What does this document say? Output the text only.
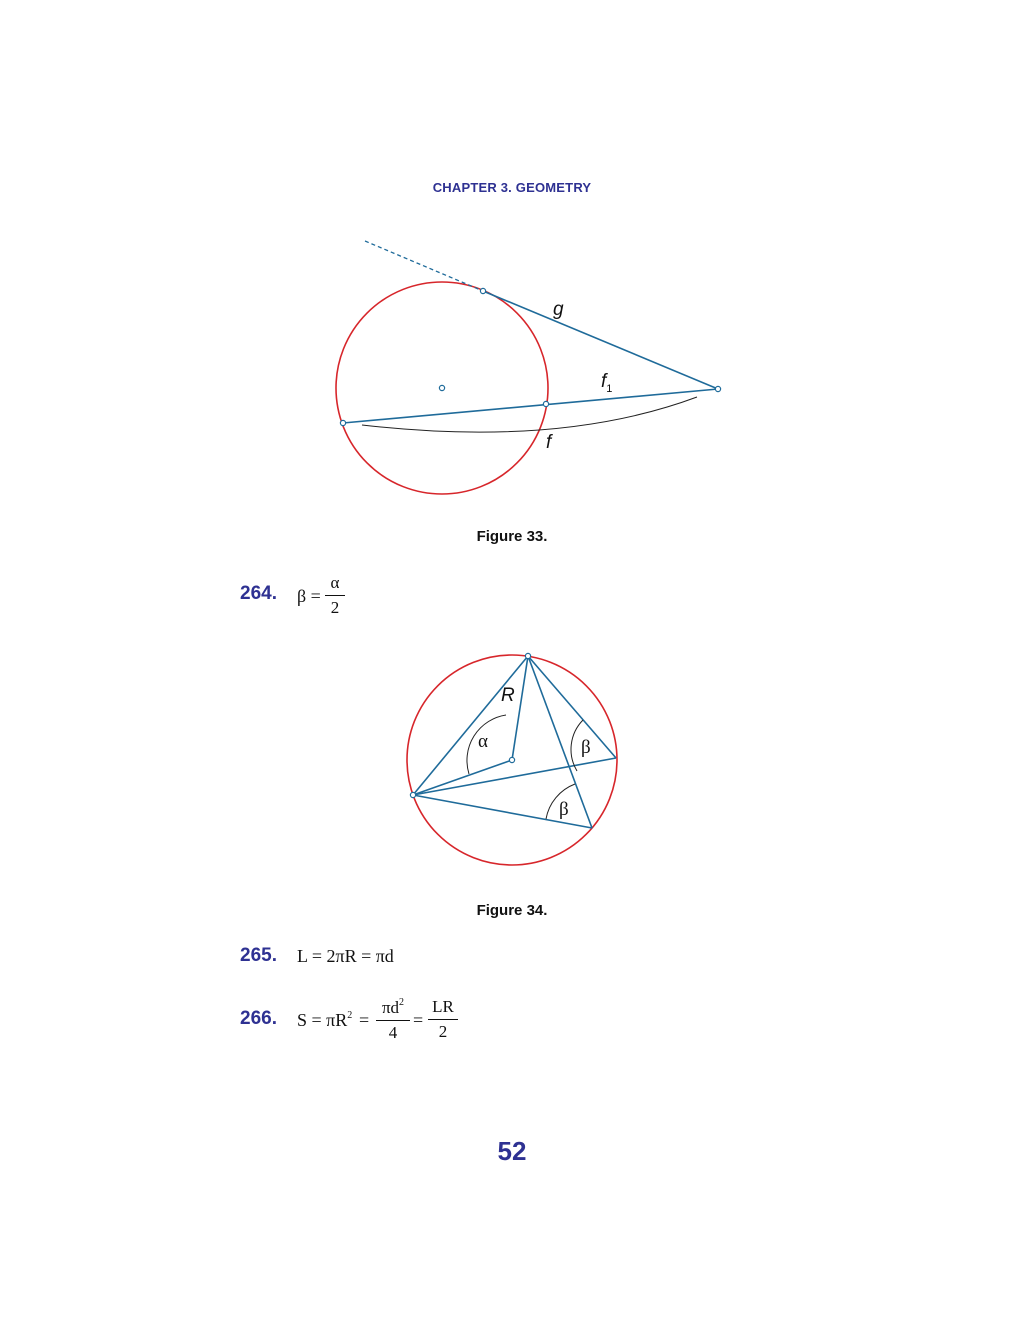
CHAPTER 3. GEOMETRY
g
$f_1$
f
Figure 33.
264. $\beta = \frac{\alpha}{2}$
R
α	β
β
Figure 34.
265. L = 2πR = πd
266. $S = \pi R^2 = \frac{\pi d^2}{4} = \frac{LR}{2}$
52
